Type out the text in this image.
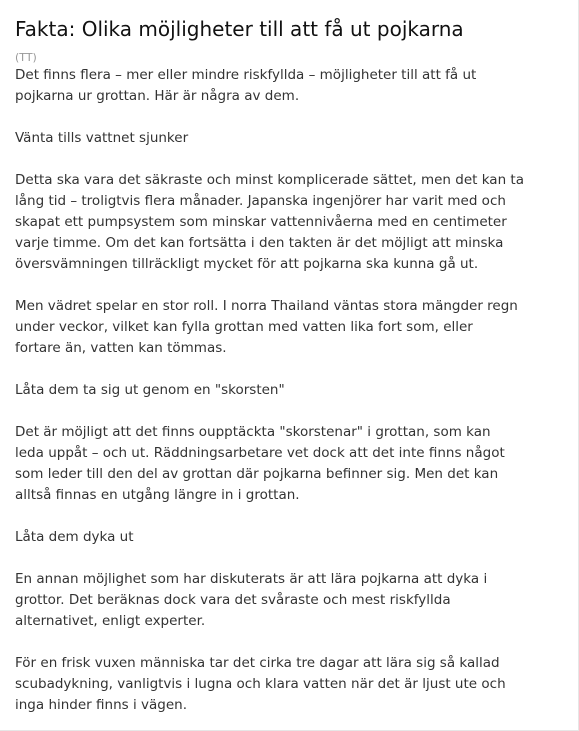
Fakta: Olika möjligheter till att få ut pojkarna
(TT)

Det finns flera – mer eller mindre riskfyllda – möjligheter till att få ut
pojkarna ur grottan. Här är några av dem.

Vänta tills vattnet sjunker

Detta ska vara det säkraste och minst komplicerade sättet, men det kan ta
lång tid – troligtvis flera månader. Japanska ingenjörer har varit med och
skapat ett pumpsystem som minskar vattennivåerna med en centimeter
varje timme. Om det kan fortsätta i den takten är det möjligt att minska
översvämningen tillräckligt mycket för att pojkarna ska kunna gå ut.

Men vädret spelar en stor roll. I norra Thailand väntas stora mängder regn
under veckor, vilket kan fylla grottan med vatten lika fort som, eller
fortare än, vatten kan tömmas.

Låta dem ta sig ut genom en "skorsten"

Det är möjligt att det finns oupptäckta "skorstenar" i grottan, som kan
leda uppåt – och ut. Räddningsarbetare vet dock att det inte finns något
som leder till den del av grottan där pojkarna befinner sig. Men det kan
alltså finnas en utgång längre in i grottan.

Låta dem dyka ut

En annan möjlighet som har diskuterats är att lära pojkarna att dyka i
grottor. Det beräknas dock vara det svåraste och mest riskfyllda
alternativet, enligt experter.

För en frisk vuxen människa tar det cirka tre dagar att lära sig så kallad
scubadykning, vanligtvis i lugna och klara vatten när det är ljust ute och
inga hinder finns i vägen.
